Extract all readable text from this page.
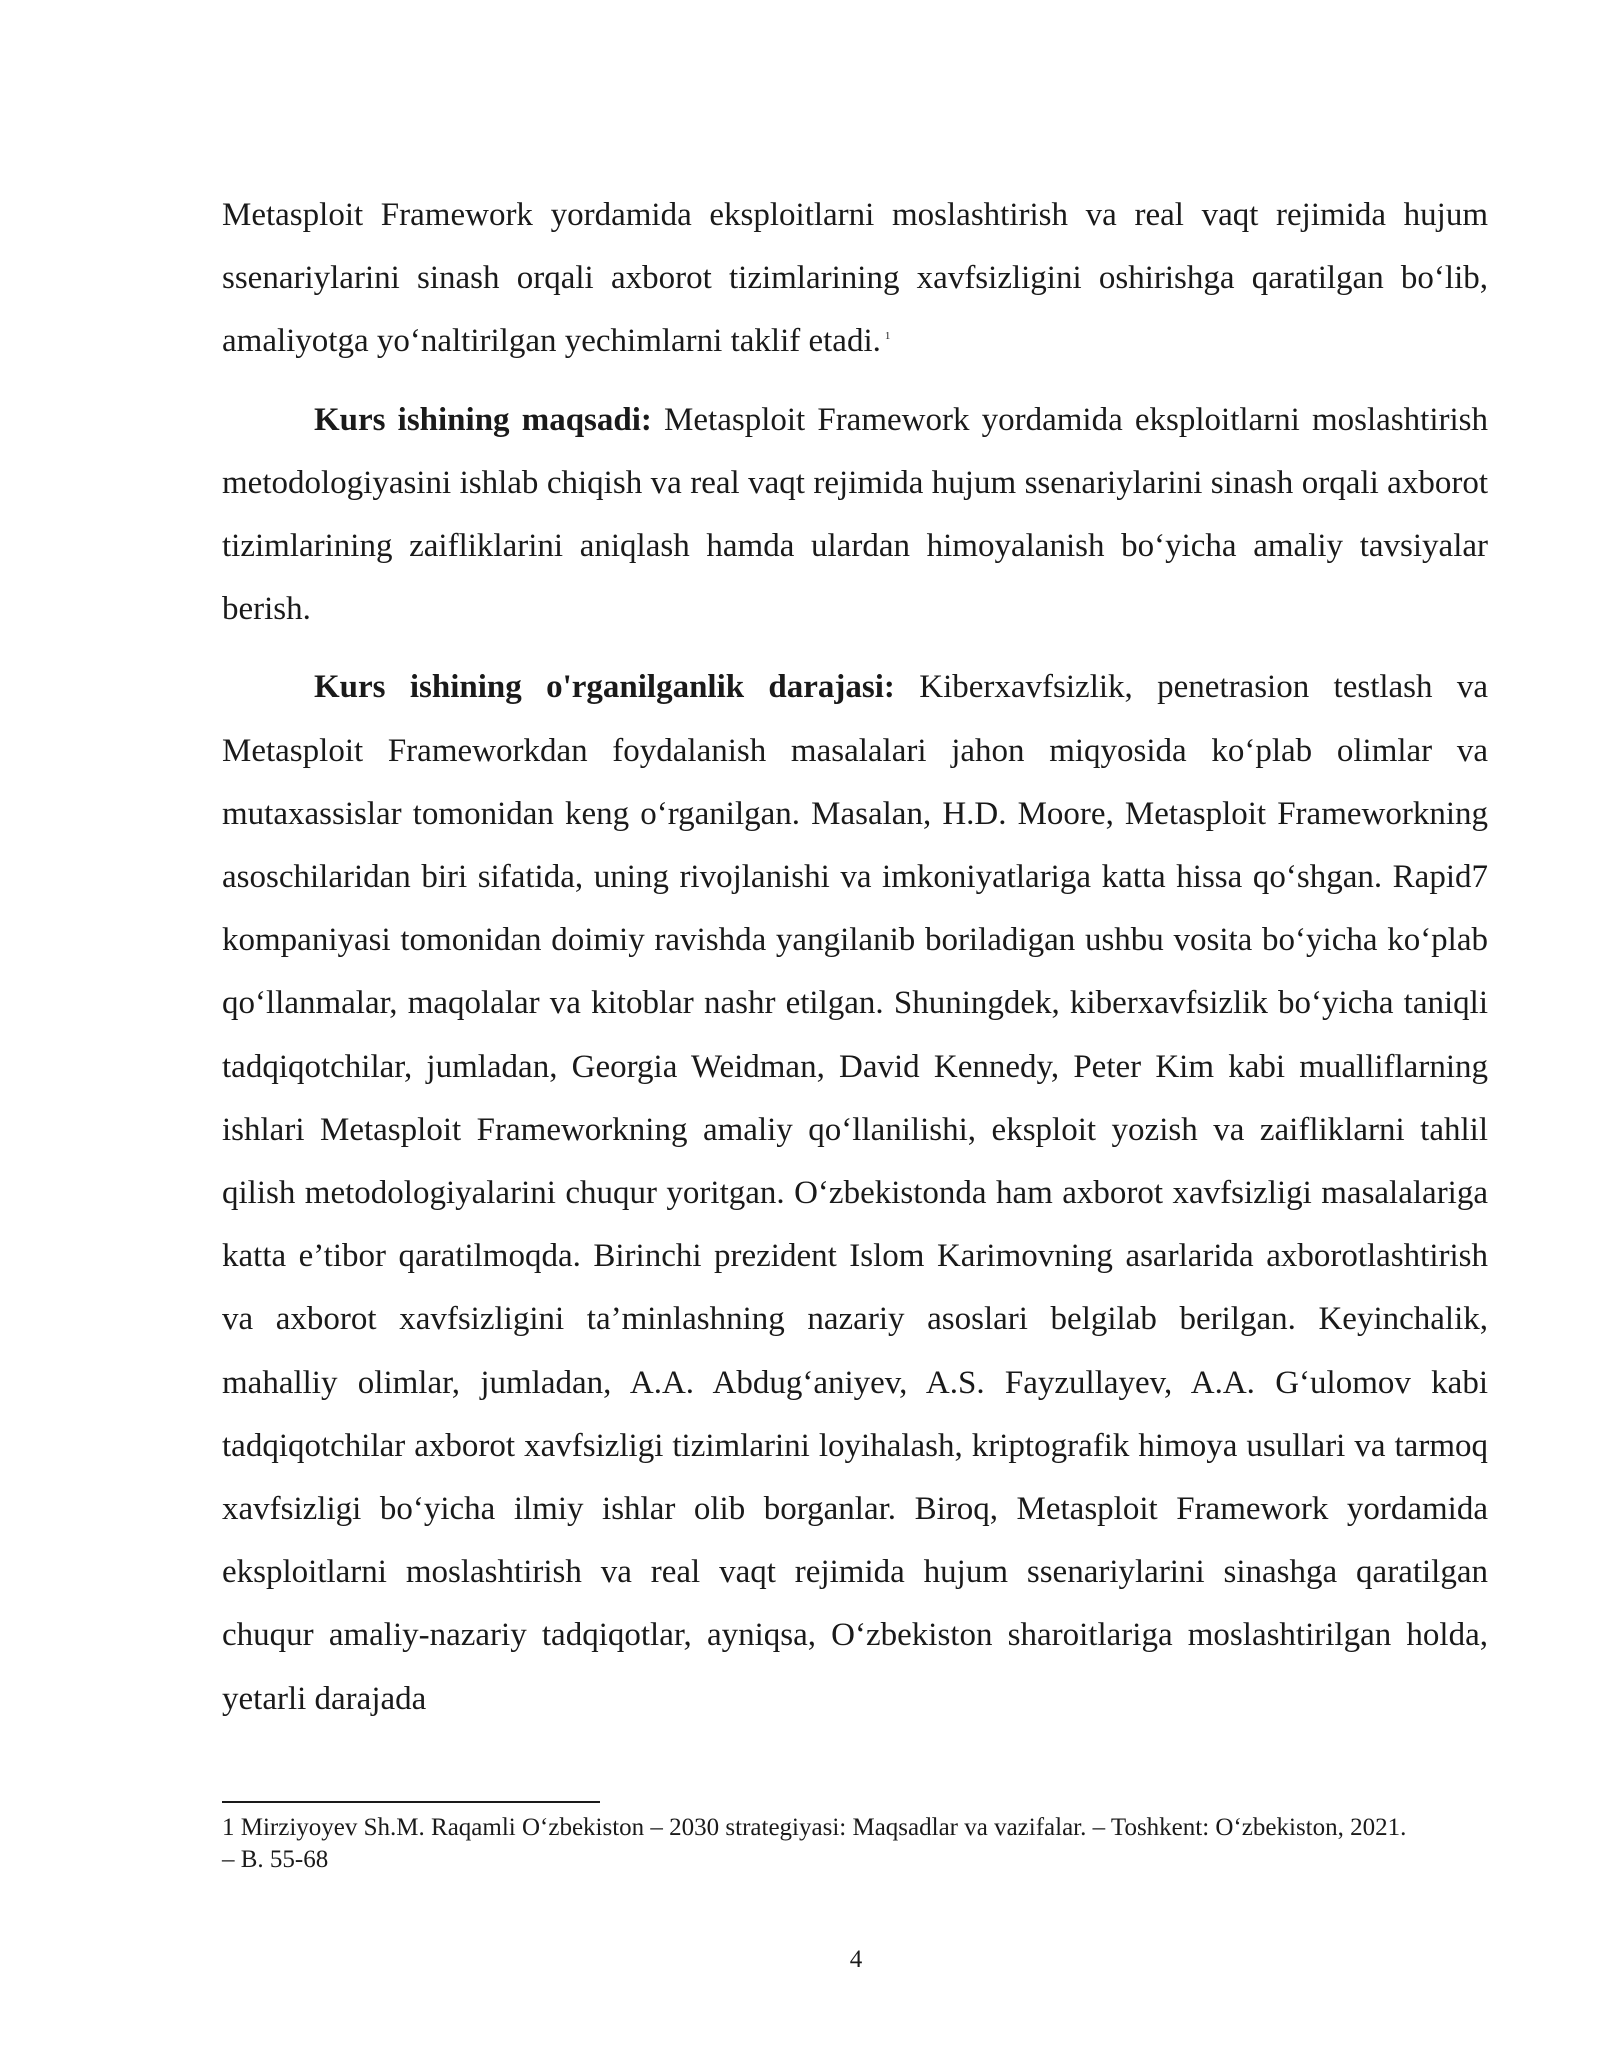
Metasploit Framework yordamida eksploitlarni moslashtirish va real vaqt rejimida hujum ssenariylarini sinash orqali axborot tizimlarining xavfsizligini oshirishga qaratilgan bo‘lib, amaliyotga yo‘naltirilgan yechimlarni taklif etadi. $^1$

Kurs ishining maqsadi: Metasploit Framework yordamida eksploitlarni moslashtirish metodologiyasini ishlab chiqish va real vaqt rejimida hujum ssenariylarini sinash orqali axborot tizimlarining zaifliklarini aniqlash hamda ulardan himoyalanish bo‘yicha amaliy tavsiyalar berish.

Kurs ishining o'rganilganlik darajasi: Kiberxavfsizlik, penetrasion testlash va Metasploit Frameworkdan foydalanish masalalari jahon miqyosida ko‘plab olimlar va mutaxassislar tomonidan keng o‘rganilgan. Masalan, H.D. Moore, Metasploit Frameworkning asoschilaridan biri sifatida, uning rivojlanishi va imkoniyatlariga katta hissa qo‘shgan. Rapid7 kompaniyasi tomonidan doimiy ravishda yangilanib boriladigan ushbu vosita bo‘yicha ko‘plab qo‘llanmalar, maqolalar va kitoblar nashr etilgan. Shuningdek, kiberxavfsizlik bo‘yicha taniqli tadqiqotchilar, jumladan, Georgia Weidman, David Kennedy, Peter Kim kabi mualliflarning ishlari Metasploit Frameworkning amaliy qo‘llanilishi, eksploit yozish va zaifliklarni tahlil qilish metodologiyalarini chuqur yoritgan. O‘zbekistonda ham axborot xavfsizligi masalalariga katta e’tibor qaratilmoqda. Birinchi prezident Islom Karimovning asarlarida axborotlashtirish va axborot xavfsizligini ta’minlashning nazariy asoslari belgilab berilgan. Keyinchalik, mahalliy olimlar, jumladan, A.A. Abdug‘aniyev, A.S. Fayzullayev, A.A. G‘ulomov kabi tadqiqotchilar axborot xavfsizligi tizimlarini loyihalash, kriptografik himoya usullari va tarmoq xavfsizligi bo‘yicha ilmiy ishlar olib borganlar. Biroq, Metasploit Framework yordamida eksploitlarni moslashtirish va real vaqt rejimida hujum ssenariylarini sinashga qaratilgan chuqur amaliy-nazariy tadqiqotlar, ayniqsa, O‘zbekiston sharoitlariga moslashtirilgan holda, yetarli darajada

1 Mirziyoyev Sh.M. Raqamli O‘zbekiston – 2030 strategiyasi: Maqsadlar va vazifalar. – Toshkent: O‘zbekiston, 2021. – B. 55-68

4
